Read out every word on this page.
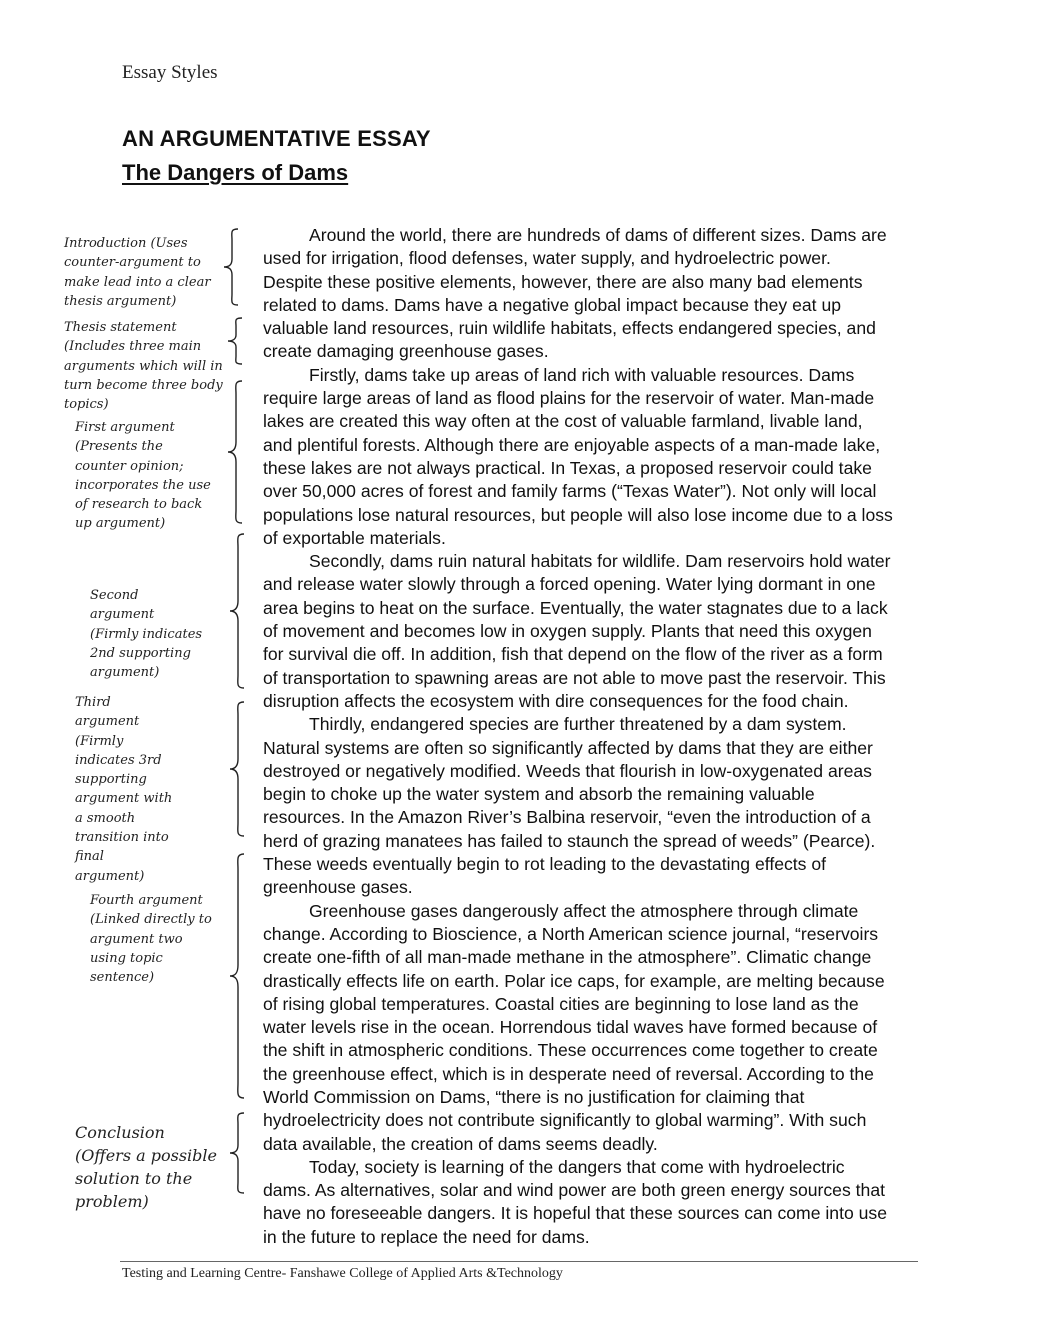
Essay Styles
AN ARGUMENTATIVE ESSAY
The Dangers of Dams
Introduction (Uses counter-argument to make lead into a clear thesis argument)
Thesis statement (Includes three main arguments which will in turn become three body topics)
First argument (Presents the counter opinion; incorporates the use of research to back up argument)
Second argument (Firmly indicates 2nd supporting argument)
Third argument (Firmly indicates 3rd supporting argument with a smooth transition into final argument)
Fourth argument (Linked directly to argument two using topic sentence)
Conclusion (Offers a possible solution to the problem)

Around the world, there are hundreds of dams of different sizes. Dams are used for irrigation, flood defenses, water supply, and hydroelectric power. Despite these positive elements, however, there are also many bad elements related to dams. Dams have a negative global impact because they eat up valuable land resources, ruin wildlife habitats, effects endangered species, and create damaging greenhouse gases.

Firstly, dams take up areas of land rich with valuable resources. Dams require large areas of land as flood plains for the reservoir of water. Man-made lakes are created this way often at the cost of valuable farmland, livable land, and plentiful forests. Although there are enjoyable aspects of a man-made lake, these lakes are not always practical. In Texas, a proposed reservoir could take over 50,000 acres of forest and family farms (“Texas Water”). Not only will local populations lose natural resources, but people will also lose income due to a loss of exportable materials.

Secondly, dams ruin natural habitats for wildlife. Dam reservoirs hold water and release water slowly through a forced opening. Water lying dormant in one area begins to heat on the surface. Eventually, the water stagnates due to a lack of movement and becomes low in oxygen supply. Plants that need this oxygen for survival die off. In addition, fish that depend on the flow of the river as a form of transportation to spawning areas are not able to move past the reservoir. This disruption affects the ecosystem with dire consequences for the food chain.

Thirdly, endangered species are further threatened by a dam system. Natural systems are often so significantly affected by dams that they are either destroyed or negatively modified. Weeds that flourish in low-oxygenated areas begin to choke up the water system and absorb the remaining valuable resources. In the Amazon River’s Balbina reservoir, “even the introduction of a herd of grazing manatees has failed to staunch the spread of weeds” (Pearce). These weeds eventually begin to rot leading to the devastating effects of greenhouse gases.

Greenhouse gases dangerously affect the atmosphere through climate change. According to Bioscience, a North American science journal, “reservoirs create one-fifth of all man-made methane in the atmosphere”. Climatic change drastically effects life on earth. Polar ice caps, for example, are melting because of rising global temperatures. Coastal cities are beginning to lose land as the water levels rise in the ocean. Horrendous tidal waves have formed because of the shift in atmospheric conditions. These occurrences come together to create the greenhouse effect, which is in desperate need of reversal. According to the World Commission on Dams, “there is no justification for claiming that hydroelectricity does not contribute significantly to global warming”. With such data available, the creation of dams seems deadly.

Today, society is learning of the dangers that come with hydroelectric dams. As alternatives, solar and wind power are both green energy sources that have no foreseeable dangers. It is hopeful that these sources can come into use in the future to replace the need for dams.

Testing and Learning Centre- Fanshawe College of Applied Arts &Technology
